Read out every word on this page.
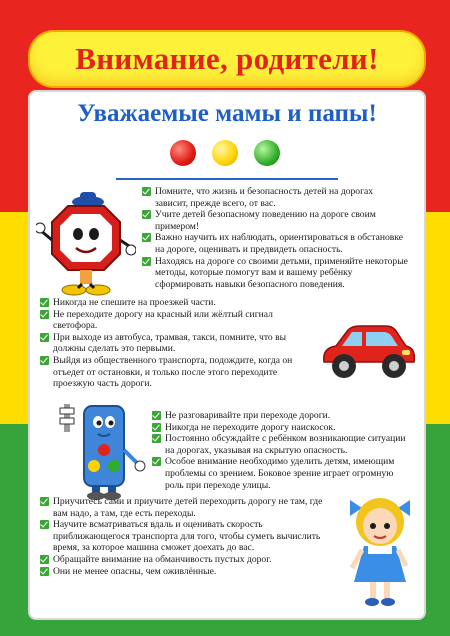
Внимание, родители!
Уважаемые мамы и папы!

Помните, что жизнь и безопасность детей на дорогах зависит, прежде всего, от вас.

Учите детей безопасному поведению на дороге своим примером!

Важно научить их наблюдать, ориентироваться в обстановке на дороге, оценивать и предвидеть опасность.

Находясь на дороге со своими детьми, применяйте некоторые методы, которые помогут вам и вашему ребёнку сформировать навыки безопасного поведения.

Никогда не спешите на проезжей части.

Не переходите дорогу на красный или жёлтый сигнал светофора.

При выходе из автобуса, трамвая, такси, помните, что вы должны сделать это первыми.

Выйдя из общественного транспорта, подождите, когда он отъедет от остановки, и только после этого переходите проезжую часть дороги.

Не разговаривайте при переходе дороги.

Никогда не переходите дорогу наискосок.

Постоянно обсуждайте с ребёнком возникающие ситуации на дорогах, указывая на скрытую опасность.

Особое внимание необходимо уделить детям, имеющим проблемы со зрением. Боковое зрение играет огромную роль при переходе улицы.

Приучитесь сами и приучите детей переходить дорогу не там, где вам надо, а там, где есть переходы.

Научите всматриваться вдаль и оценивать скорость приближающегося транспорта для того, чтобы суметь вычислить время, за которое машина сможет доехать до вас.

Обращайте внимание на обманчивость пустых дорог.

Они не менее опасны, чем оживлённые.
